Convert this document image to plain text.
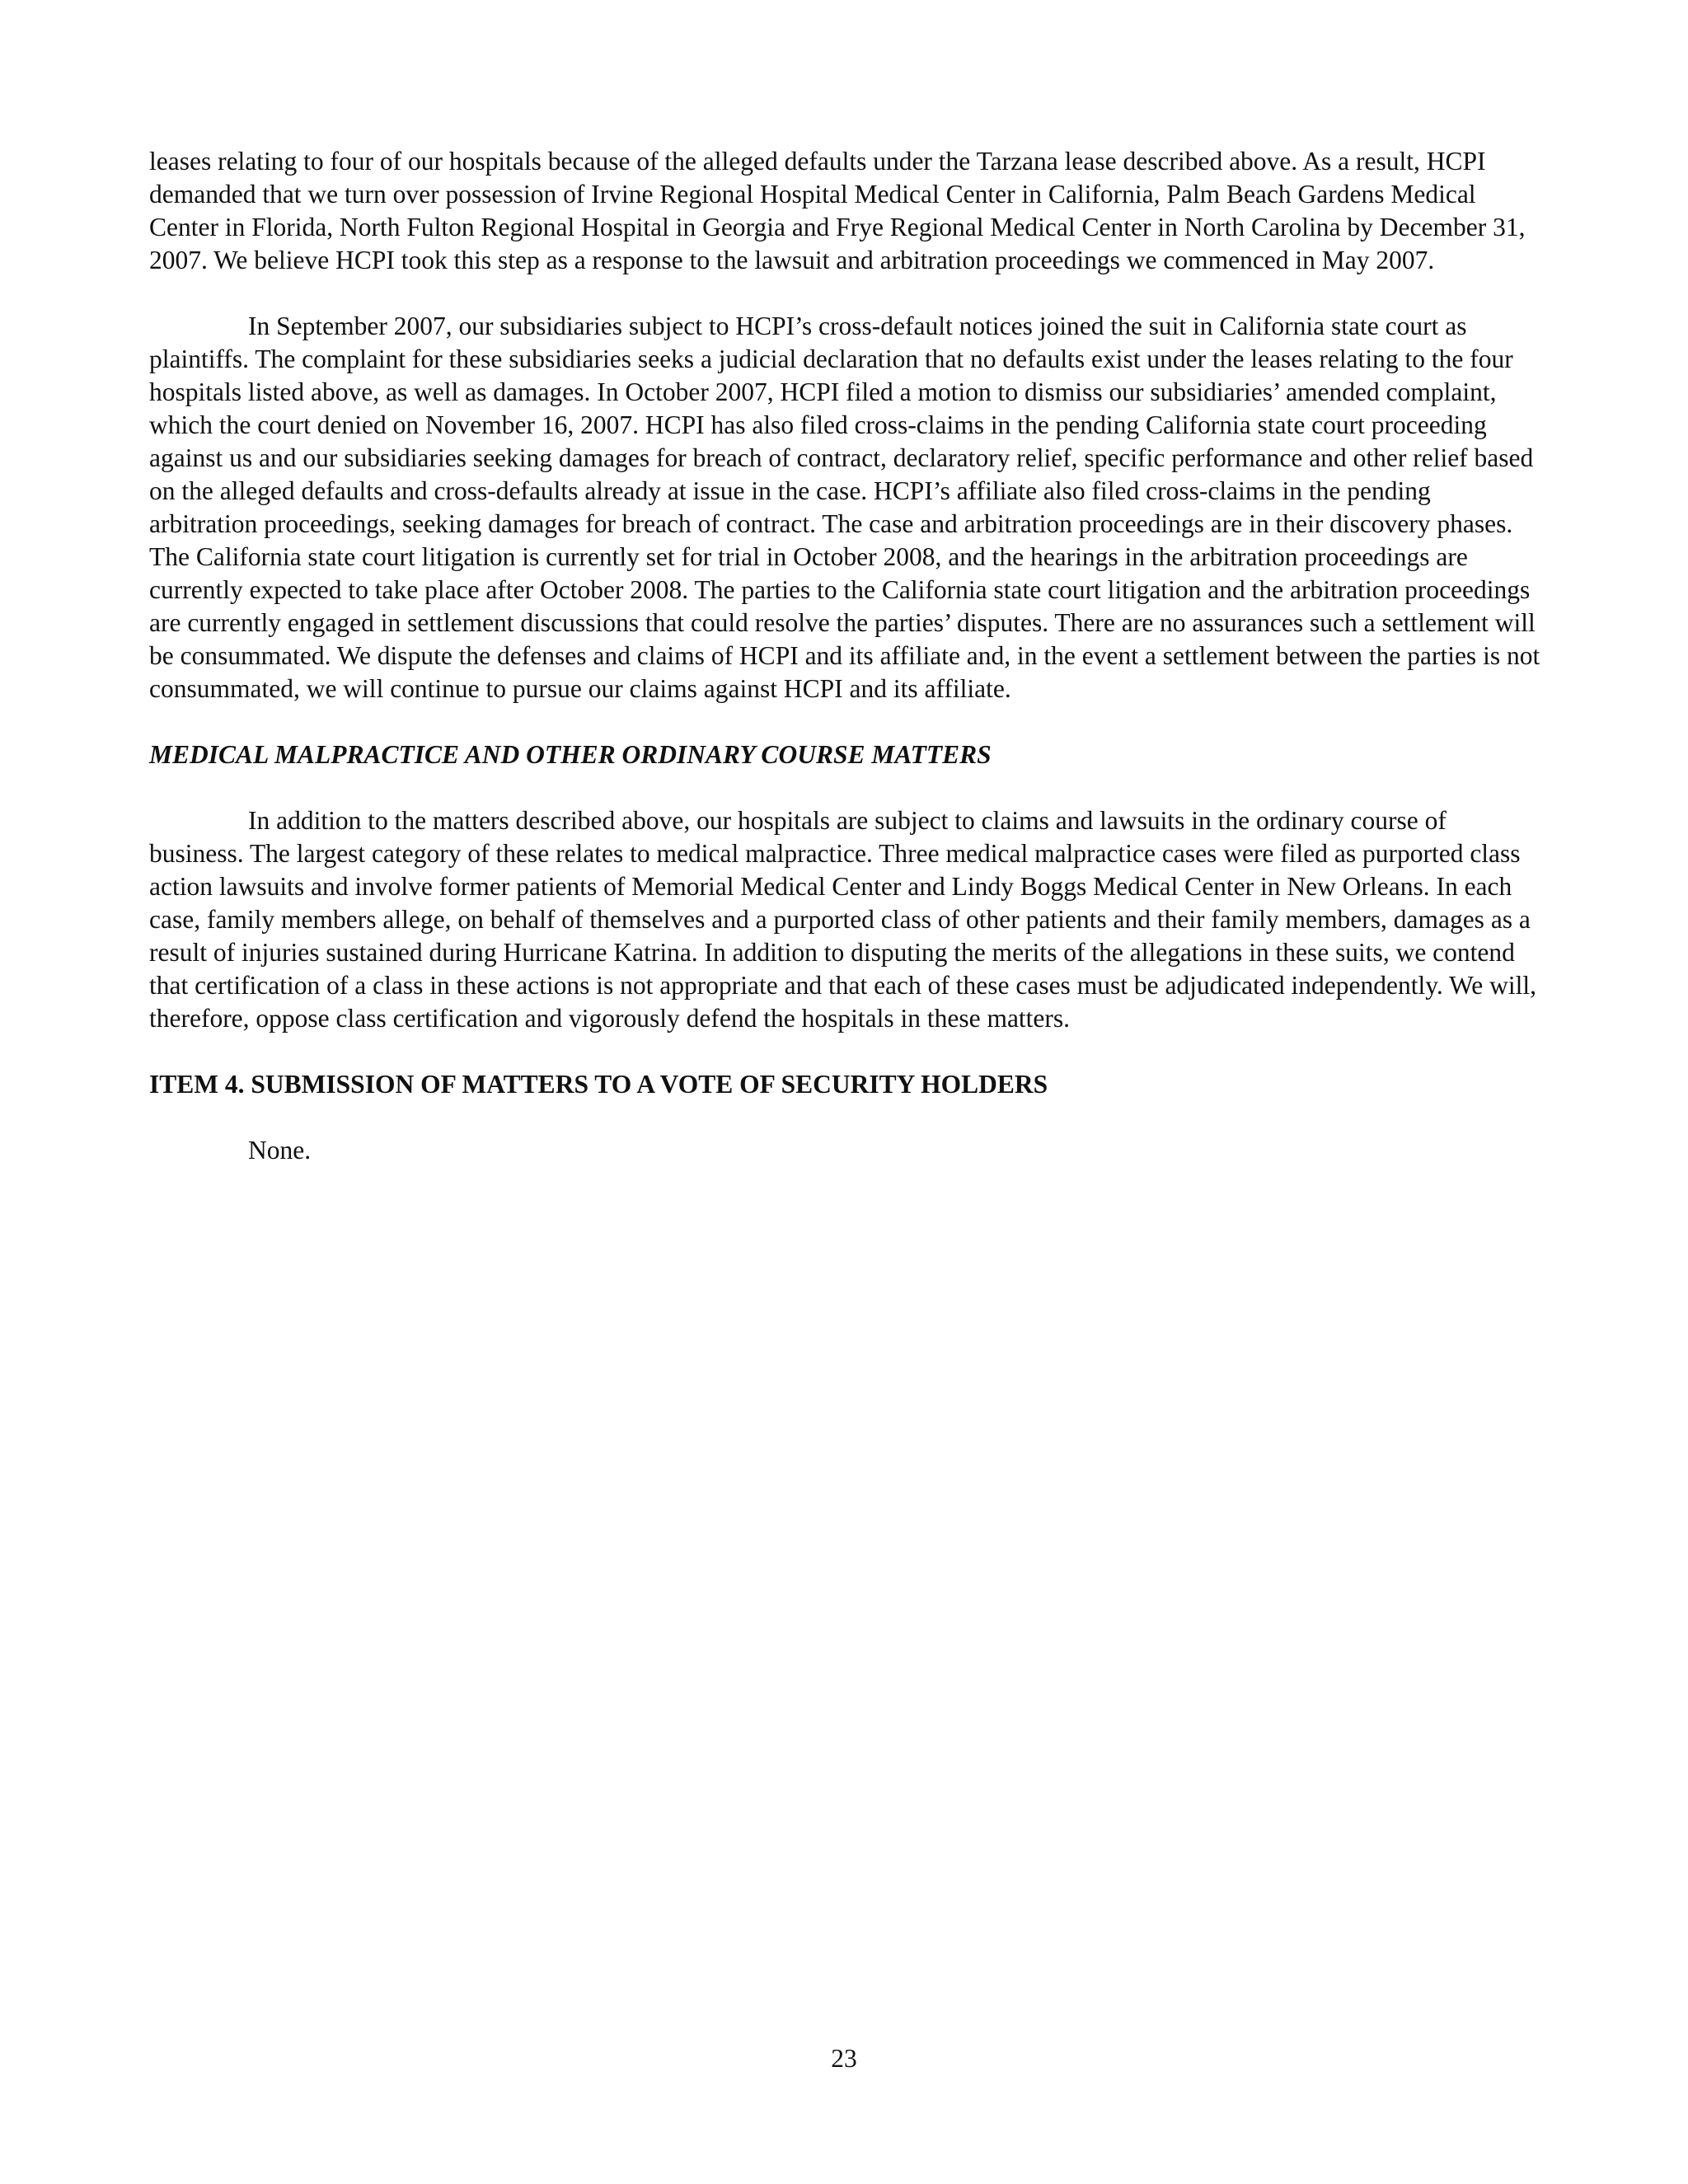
leases relating to four of our hospitals because of the alleged defaults under the Tarzana lease described above. As a result, HCPI demanded that we turn over possession of Irvine Regional Hospital Medical Center in California, Palm Beach Gardens Medical Center in Florida, North Fulton Regional Hospital in Georgia and Frye Regional Medical Center in North Carolina by December 31, 2007. We believe HCPI took this step as a response to the lawsuit and arbitration proceedings we commenced in May 2007.

In September 2007, our subsidiaries subject to HCPI’s cross-default notices joined the suit in California state court as plaintiffs. The complaint for these subsidiaries seeks a judicial declaration that no defaults exist under the leases relating to the four hospitals listed above, as well as damages. In October 2007, HCPI filed a motion to dismiss our subsidiaries’ amended complaint, which the court denied on November 16, 2007. HCPI has also filed cross-claims in the pending California state court proceeding against us and our subsidiaries seeking damages for breach of contract, declaratory relief, specific performance and other relief based on the alleged defaults and cross-defaults already at issue in the case. HCPI’s affiliate also filed cross-claims in the pending arbitration proceedings, seeking damages for breach of contract. The case and arbitration proceedings are in their discovery phases. The California state court litigation is currently set for trial in October 2008, and the hearings in the arbitration proceedings are currently expected to take place after October 2008. The parties to the California state court litigation and the arbitration proceedings are currently engaged in settlement discussions that could resolve the parties’ disputes. There are no assurances such a settlement will be consummated. We dispute the defenses and claims of HCPI and its affiliate and, in the event a settlement between the parties is not consummated, we will continue to pursue our claims against HCPI and its affiliate.

MEDICAL MALPRACTICE AND OTHER ORDINARY COURSE MATTERS

In addition to the matters described above, our hospitals are subject to claims and lawsuits in the ordinary course of business. The largest category of these relates to medical malpractice. Three medical malpractice cases were filed as purported class action lawsuits and involve former patients of Memorial Medical Center and Lindy Boggs Medical Center in New Orleans. In each case, family members allege, on behalf of themselves and a purported class of other patients and their family members, damages as a result of injuries sustained during Hurricane Katrina. In addition to disputing the merits of the allegations in these suits, we contend that certification of a class in these actions is not appropriate and that each of these cases must be adjudicated independently. We will, therefore, oppose class certification and vigorously defend the hospitals in these matters.

ITEM 4. SUBMISSION OF MATTERS TO A VOTE OF SECURITY HOLDERS

None.

23
